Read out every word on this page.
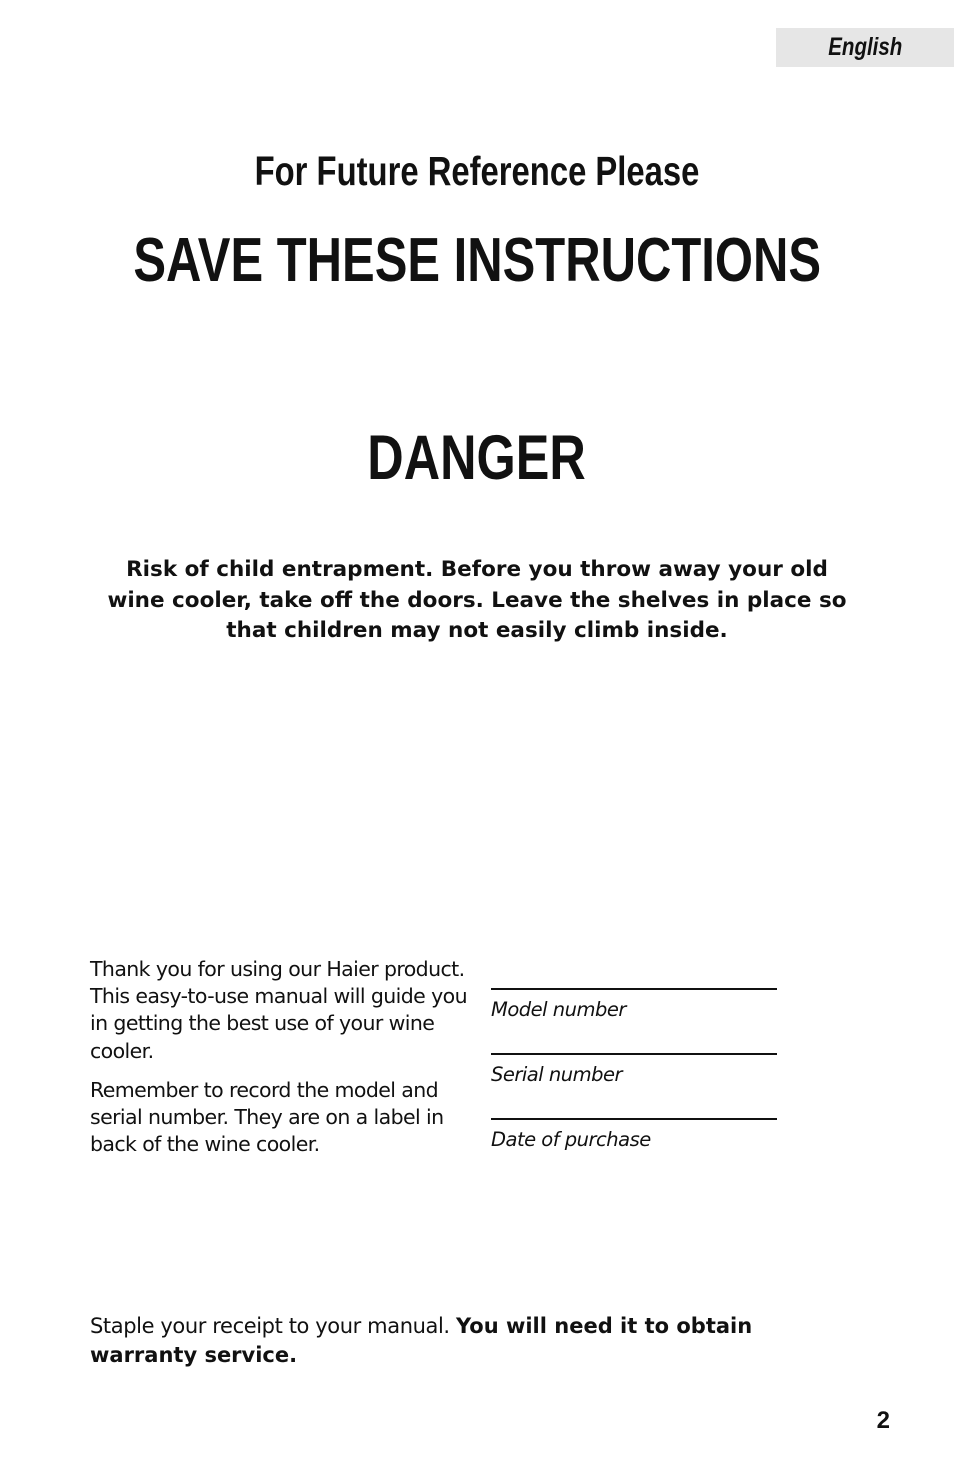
English
For Future Reference Please
SAVE THESE INSTRUCTIONS
DANGER
Risk of child entrapment. Before you throw away your old
wine cooler, take off the doors. Leave the shelves in place so
that children may not easily climb inside.

Thank you for using our Haier product. This easy-to-use manual will guide you in getting the best use of your wine cooler.

Remember to record the model and serial number. They are on a label in back of the wine cooler.

Model number
Serial number
Date of purchase
Staple your receipt to your manual. You will need it to obtain warranty service.
2
